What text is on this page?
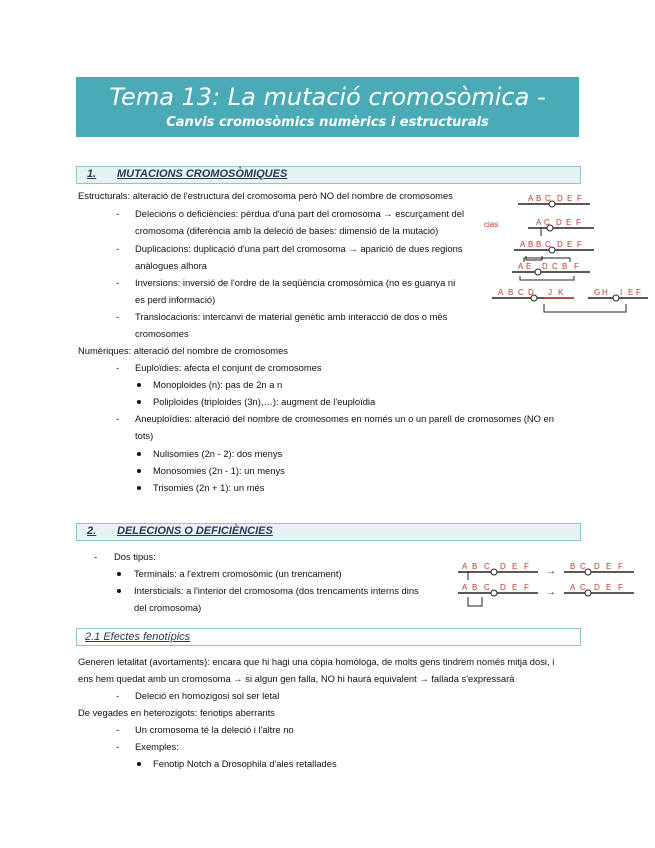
Tema 13: La mutació cromosòmica -
Canvis cromosòmics numèrics i estructurals
1. MUTACIONS CROMOSÒMIQUES
Estructurals: alteració de l'estructura del cromosoma però NO del nombre de cromosomes
- Delecions o deficiències: pèrdua d'una part del cromosoma → escurçament del
cromosoma (diferència amb la deleció de bases: dimensió de la mutació)
- Duplicacions: duplicació d'una part del cromosoma → aparició de dues regions
anàlogues alhora
- Inversions: inversió de l'ordre de la seqüència cromosòmica (no es guanya ni
es perd informació)
- Translocacions: intercanvi de material genètic amb interacció de dos o més
cromosomes
Numèriques: alteració del nombre de cromosomes
- Euploïdies: afecta el conjunt de cromosomes
Monoploides (n): pas de 2n a n
Poliploides (triploides (3n),…): augment de l'euploïdia
- Aneuploïdies: alteració del nombre de cromosomes en només un o un parell de cromosomes (NO en
tots)
Nulisomies (2n - 2): dos menys
Monosomies (2n - 1): un menys
Trisomies (2n + 1): un més
cias
A B C D E F
A C D E F
A B B C D E F
A E D C B F
A B C D J K	G H I E F
2. DELECIONS O DEFICIÈNCIES
- Dos tipus:
Terminals: a l'extrem cromosòmic (un trencament)
Intersticials: a l'interior del cromosoma (dos trencaments interns dins
del cromosoma)
A B C D E F → B C D E F
A B C D E F → A C D E F
2.1 Efectes fenotípics
Generen letalitat (avortaments): encara que hi hagi una còpia homòloga, de molts gens tindrem només mitja dosi, i
ens hem quedat amb un cromosoma → si algun gen falla, NO hi haurà equivalent → fallada s'expressarà
- Deleció en homozigosi sol ser letal
De vegades en heterozigots: fenotips aberrants
- Un cromosoma té la deleció i l'altre no
- Exemples:
Fenotip Notch a Drosophila d'ales retallades
